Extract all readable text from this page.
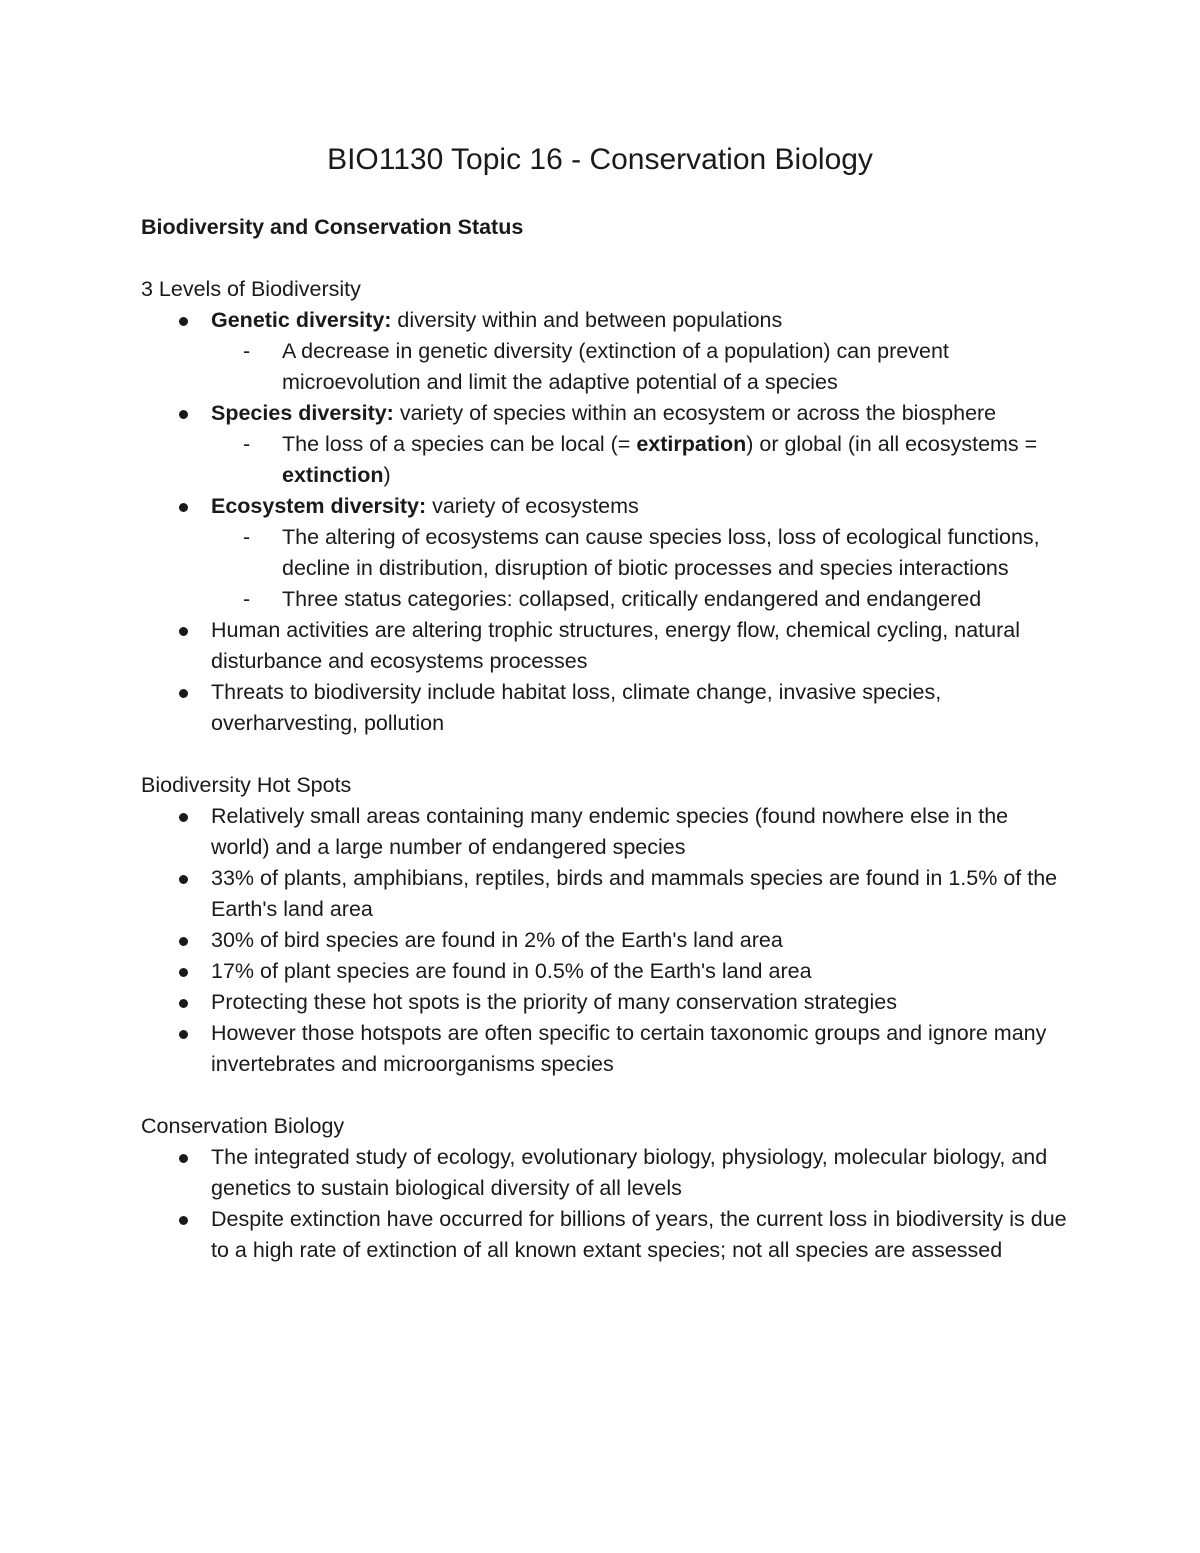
BIO1130 Topic 16 - Conservation Biology
Biodiversity and Conservation Status
3 Levels of Biodiversity
Genetic diversity: diversity within and between populations
- A decrease in genetic diversity (extinction of a population) can prevent microevolution and limit the adaptive potential of a species
Species diversity: variety of species within an ecosystem or across the biosphere
- The loss of a species can be local (= extirpation) or global (in all ecosystems = extinction)
Ecosystem diversity: variety of ecosystems
- The altering of ecosystems can cause species loss, loss of ecological functions, decline in distribution, disruption of biotic processes and species interactions
- Three status categories: collapsed, critically endangered and endangered
Human activities are altering trophic structures, energy flow, chemical cycling, natural disturbance and ecosystems processes
Threats to biodiversity include habitat loss, climate change, invasive species, overharvesting, pollution
Biodiversity Hot Spots
Relatively small areas containing many endemic species (found nowhere else in the world) and a large number of endangered species
33% of plants, amphibians, reptiles, birds and mammals species are found in 1.5% of the Earth's land area
30% of bird species are found in 2% of the Earth's land area
17% of plant species are found in 0.5% of the Earth's land area
Protecting these hot spots is the priority of many conservation strategies
However those hotspots are often specific to certain taxonomic groups and ignore many invertebrates and microorganisms species
Conservation Biology
The integrated study of ecology, evolutionary biology, physiology, molecular biology, and genetics to sustain biological diversity of all levels
Despite extinction have occurred for billions of years, the current loss in biodiversity is due to a high rate of extinction of all known extant species; not all species are assessed
